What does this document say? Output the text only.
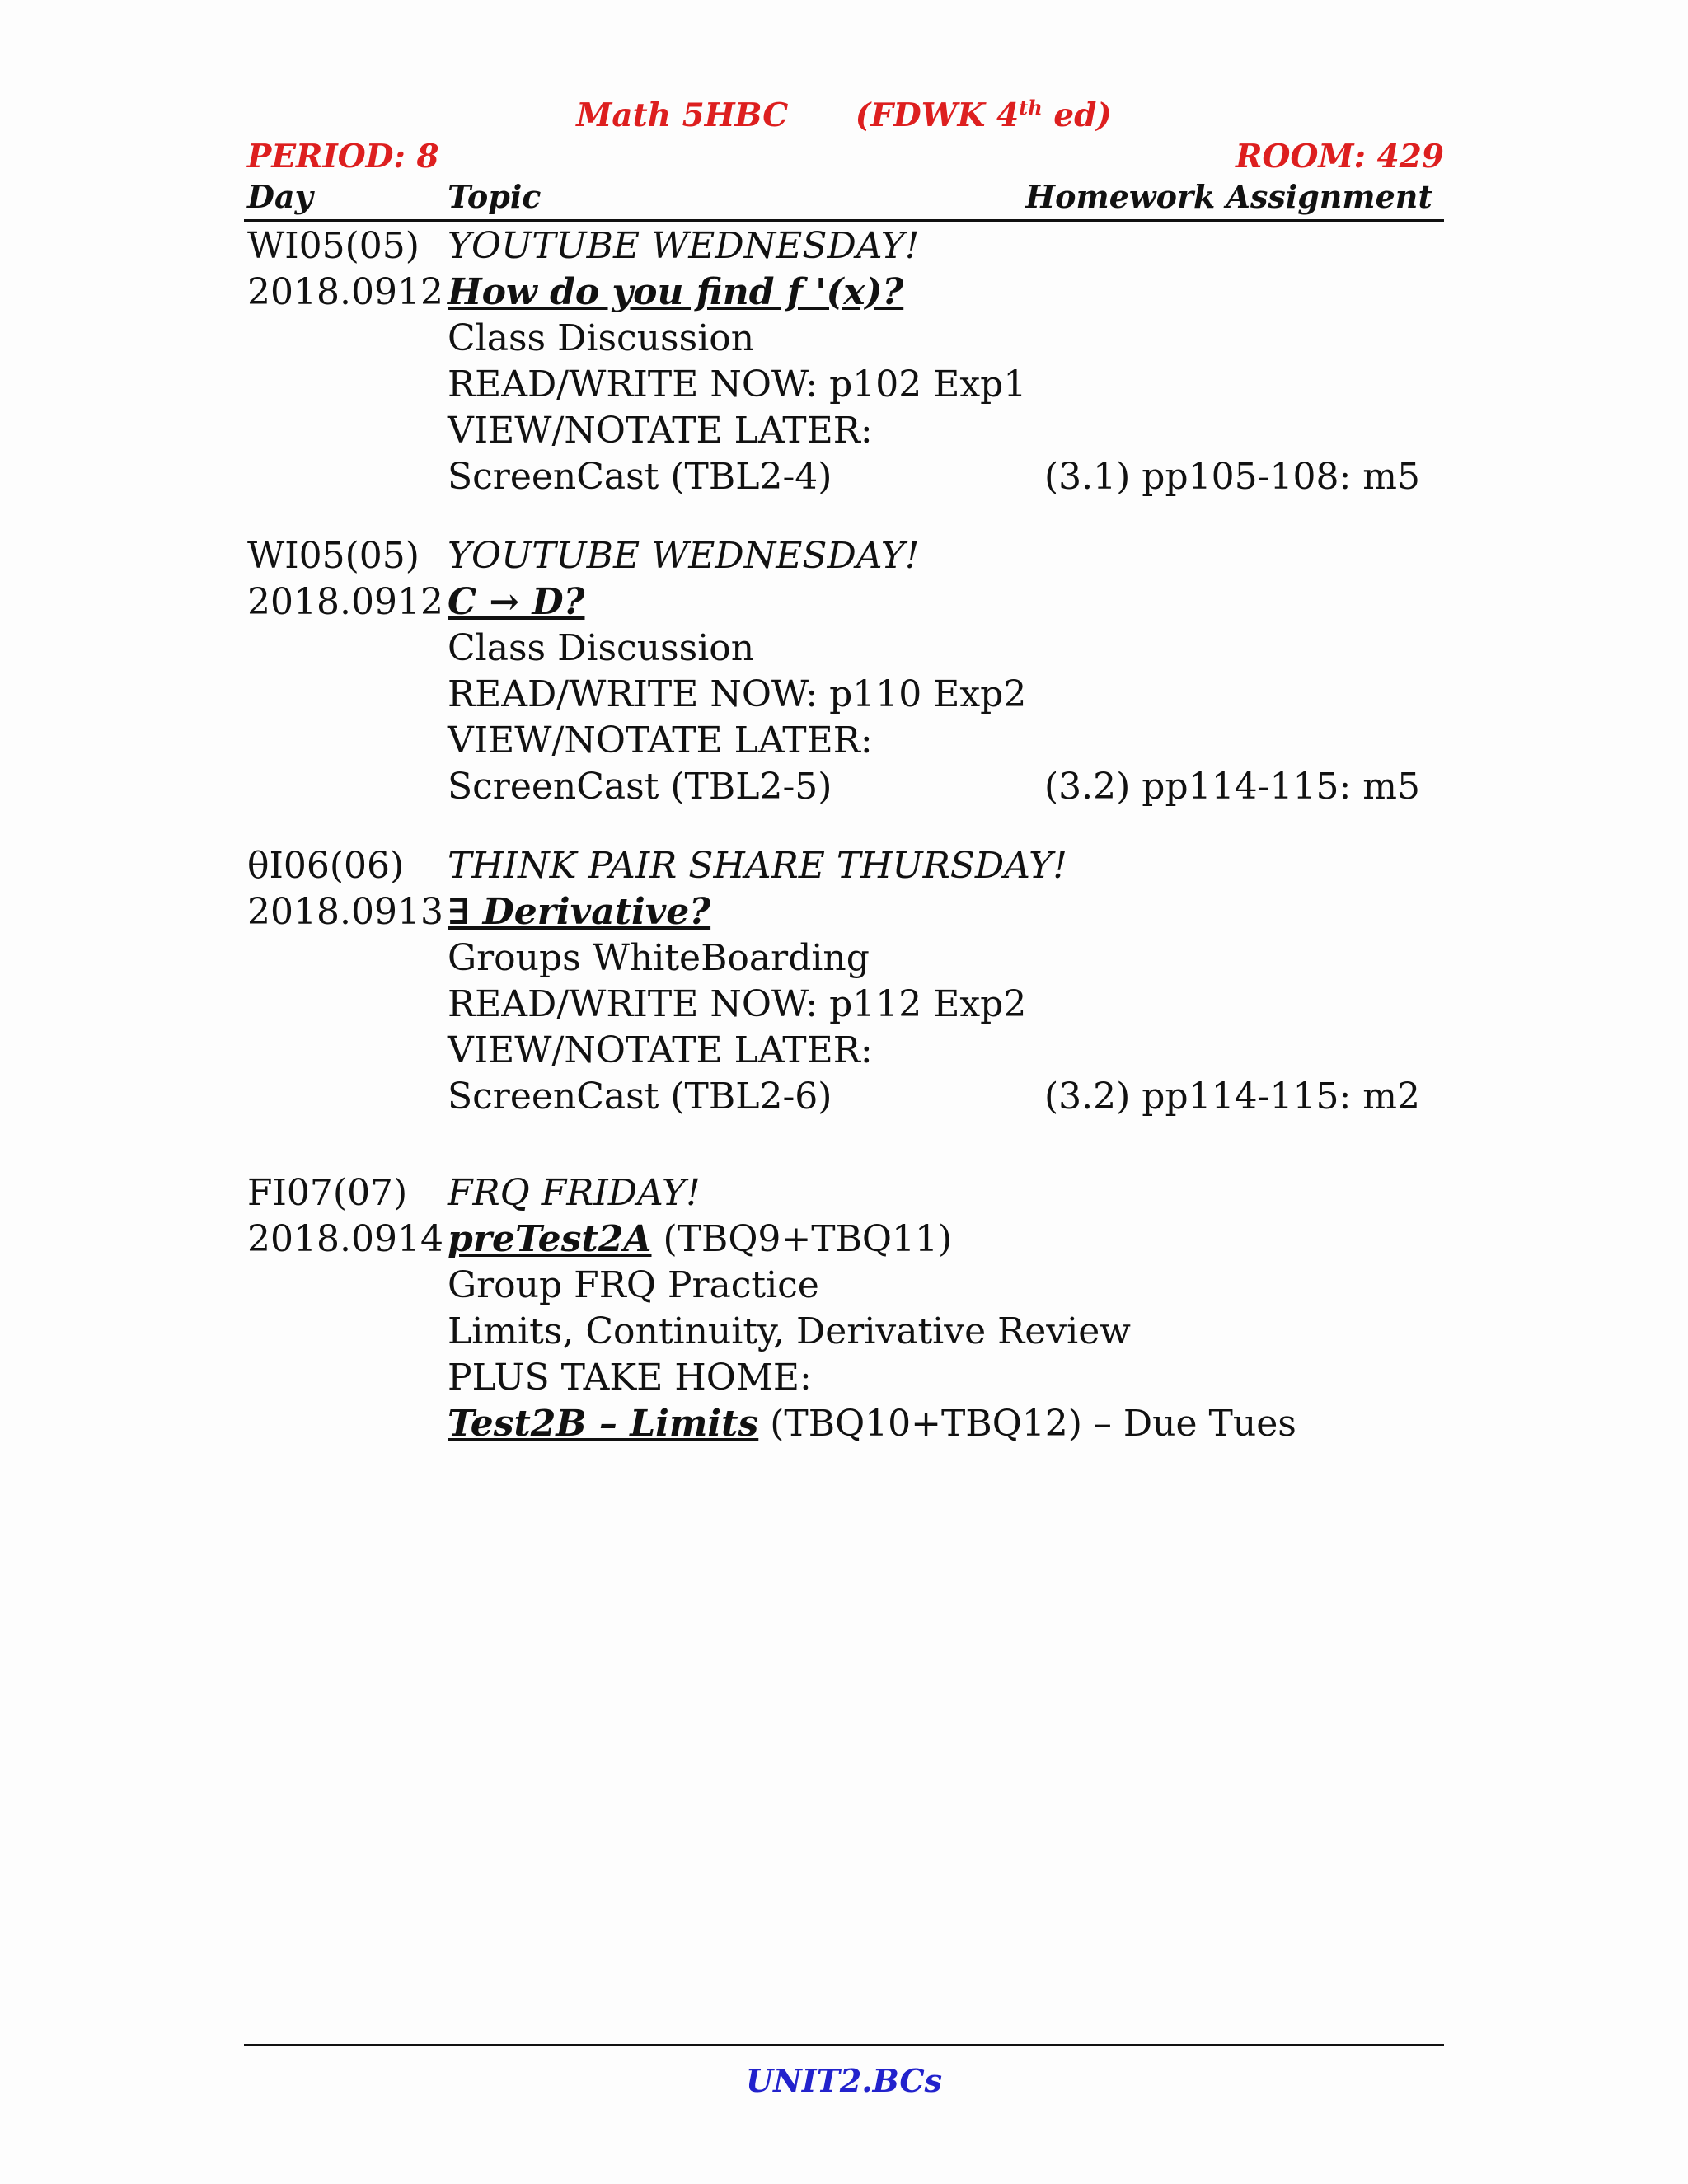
Math 5HBC (FDWK 4th ed)
PERIOD: 8	ROOM: 429
Day	Topic	Homework Assignment
WI05(05) YOUTUBE WEDNESDAY!
2018.0912 How do you find f '(x)?
Class Discussion
READ/WRITE NOW: p102 Exp1
VIEW/NOTATE LATER:
ScreenCast (TBL2-4)	(3.1) pp105-108: m5
WI05(05) YOUTUBE WEDNESDAY!
2018.0912 C → D?
Class Discussion
READ/WRITE NOW: p110 Exp2
VIEW/NOTATE LATER:
ScreenCast (TBL2-5)	(3.2) pp114-115: m5
θI06(06) THINK PAIR SHARE THURSDAY!
2018.0913 ∃ Derivative?
Groups WhiteBoarding
READ/WRITE NOW: p112 Exp2
VIEW/NOTATE LATER:
ScreenCast (TBL2-6)	(3.2) pp114-115: m2
FI07(07) FRQ FRIDAY!
2018.0914 preTest2A (TBQ9+TBQ11)
Group FRQ Practice
Limits, Continuity, Derivative Review
PLUS TAKE HOME:
Test2B – Limits (TBQ10+TBQ12) – Due Tues
UNIT2.BCs
